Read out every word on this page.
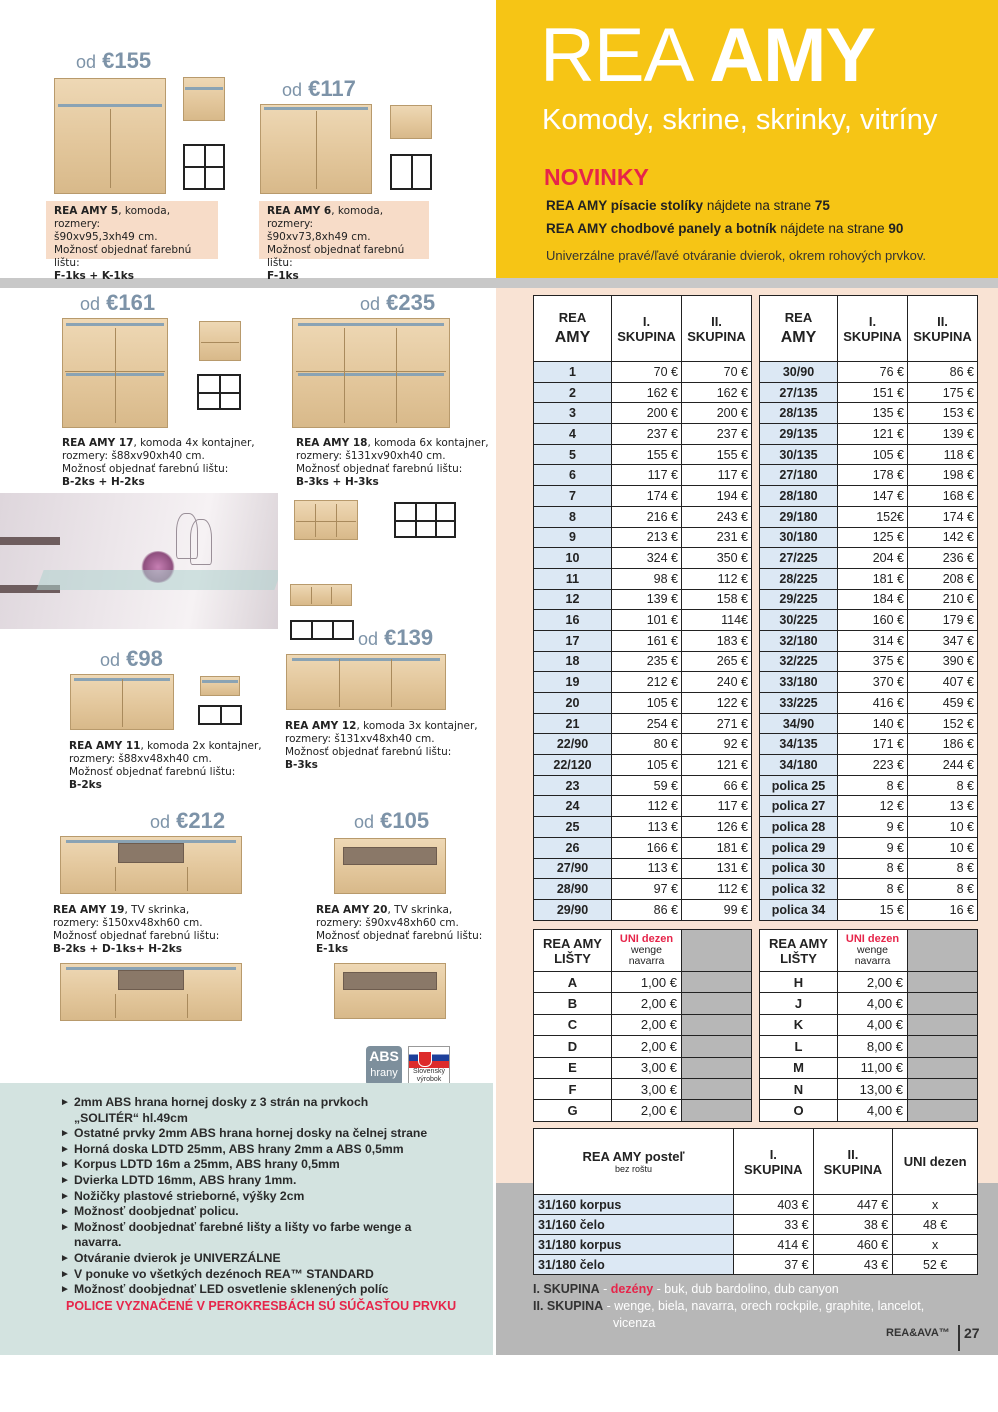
REA AMY
Komody, skrine, skrinky, vitríny
NOVINKY
REA AMY písacie stolíky nájdete na strane 75
REA AMY chodbové panely a botník nájdete na strane 90
Univerzálne pravé/ľavé otváranie dvierok, okrem rohových prvkov.
od €155
REA AMY 5, komoda, rozmery:
š90xv95,3xh49 cm.
Možnosť objednať farebnú lištu:
F-1ks + K-1ks
od €117
REA AMY 6, komoda, rozmery:
š90xv73,8xh49 cm.
Možnosť objednať farebnú lištu:
F-1ks
od €161
REA AMY 17, komoda 4x kontajner,
rozmery: š88xv90xh40 cm.
Možnosť objednať farebnú lištu:
B-2ks + H-2ks
od €235
REA AMY 18, komoda 6x kontajner,
rozmery: š131xv90xh40 cm.
Možnosť objednať farebnú lištu:
B-3ks + H-3ks
od €139
REA AMY 12, komoda 3x kontajner,
rozmery: š131xv48xh40 cm.
Možnosť objednať farebnú lištu:
B-3ks
od €98
REA AMY 11, komoda 2x kontajner,
rozmery: š88xv48xh40 cm.
Možnosť objednať farebnú lištu:
B-2ks
od €212
REA AMY 19, TV skrinka,
rozmery: š150xv48xh60 cm.
Možnosť objednať farebnú lištu:
B-2ks + D-1ks+ H-2ks
od €105
REA AMY 20, TV skrinka,
rozmery: š90xv48xh60 cm.
Možnosť objednať farebnú lištu:
E-1ks
ABS
hrany	Slovenský výrobok
► 2mm ABS hrana hornej dosky z 3 strán na prvkoch „SOLITÉR“ hl.49cm
► Ostatné prvky 2mm ABS hrana hornej dosky na čelnej strane
► Horná doska LDTD 25mm, ABS hrany 2mm a ABS 0,5mm
► Korpus LDTD 16m a 25mm, ABS hrany 0,5mm
► Dvierka LDTD 16mm, ABS hrany 1mm.
► Nožičky plastové strieborné, výšky 2cm
► Možnosť doobjednať policu.
► Možnosť doobjednať farebné lišty a lišty vo farbe wenge a navarra.
► Otváranie dvierok je UNIVERZÁLNE
► V ponuke vo všetkých dezénoch REA™ STANDARD
► Možnosť doobjednať LED osvetlenie sklenených políc
POLICE VYZNAČENÉ V PEROKRESBÁCH SÚ SÚČASŤOU PRVKU
REA
AMY	I.
SKUPINA	II.
SKUPINA
1	70 €	70 €
2	162 €	162 €
3	200 €	200 €
4	237 €	237 €
5	155 €	155 €
6	117 €	117 €
7	174 €	194 €
8	216 €	243 €
9	213 €	231 €
10	324 €	350 €
11	98 €	112 €
12	139 €	158 €
16	101 €	114€
17	161 €	183 €
18	235 €	265 €
19	212 €	240 €
20	105 €	122 €
21	254 €	271 €
22/90	80 €	92 €
22/120	105 €	121 €
23	59 €	66 €
24	112 €	117 €
25	113 €	126 €
26	166 €	181 €
27/90	113 €	131 €
28/90	97 €	112 €
29/90	86 €	99 €
REA
AMY	I.
SKUPINA	II.
SKUPINA
30/90	76 €	86 €
27/135	151 €	175 €
28/135	135 €	153 €
29/135	121 €	139 €
30/135	105 €	118 €
27/180	178 €	198 €
28/180	147 €	168 €
29/180	152€	174 €
30/180	125 €	142 €
27/225	204 €	236 €
28/225	181 €	208 €
29/225	184 €	210 €
30/225	160 €	179 €
32/180	314 €	347 €
32/225	375 €	390 €
33/180	370 €	407 €
33/225	416 €	459 €
34/90	140 €	152 €
34/135	171 €	186 €
34/180	223 €	244 €
polica 25	8 €	8 €
polica 27	12 €	13 €
polica 28	9 €	10 €
polica 29	9 €	10 €
polica 30	8 €	8 €
polica 32	8 €	8 €
polica 34	15 €	16 €
REA AMY
LIŠTY	UNI dezen
wenge
navarra	
A	1,00 €	
B	2,00 €	
C	2,00 €	
D	2,00 €	
E	3,00 €	
F	3,00 €	
G	2,00 €	
REA AMY
LIŠTY	UNI dezen
wenge
navarra	
H	2,00 €	
J	4,00 €	
K	4,00 €	
L	8,00 €	
M	11,00 €	
N	13,00 €	
O	4,00 €	
REA AMY posteľ
bez roštu	I.
SKUPINA	II.
SKUPINA	UNI dezen
31/160 korpus	403 €	447 €	x
31/160 čelo	33 €	38 €	48 €
31/180 korpus	414 €	460 €	x
31/180 čelo	37 €	43 €	52 €
I. SKUPINA - dezény - buk, dub bardolino, dub canyon
II. SKUPINA - wenge, biela, navarra, orech rockpile, graphite, lancelot,
vicenza
REA&AVA™	27
